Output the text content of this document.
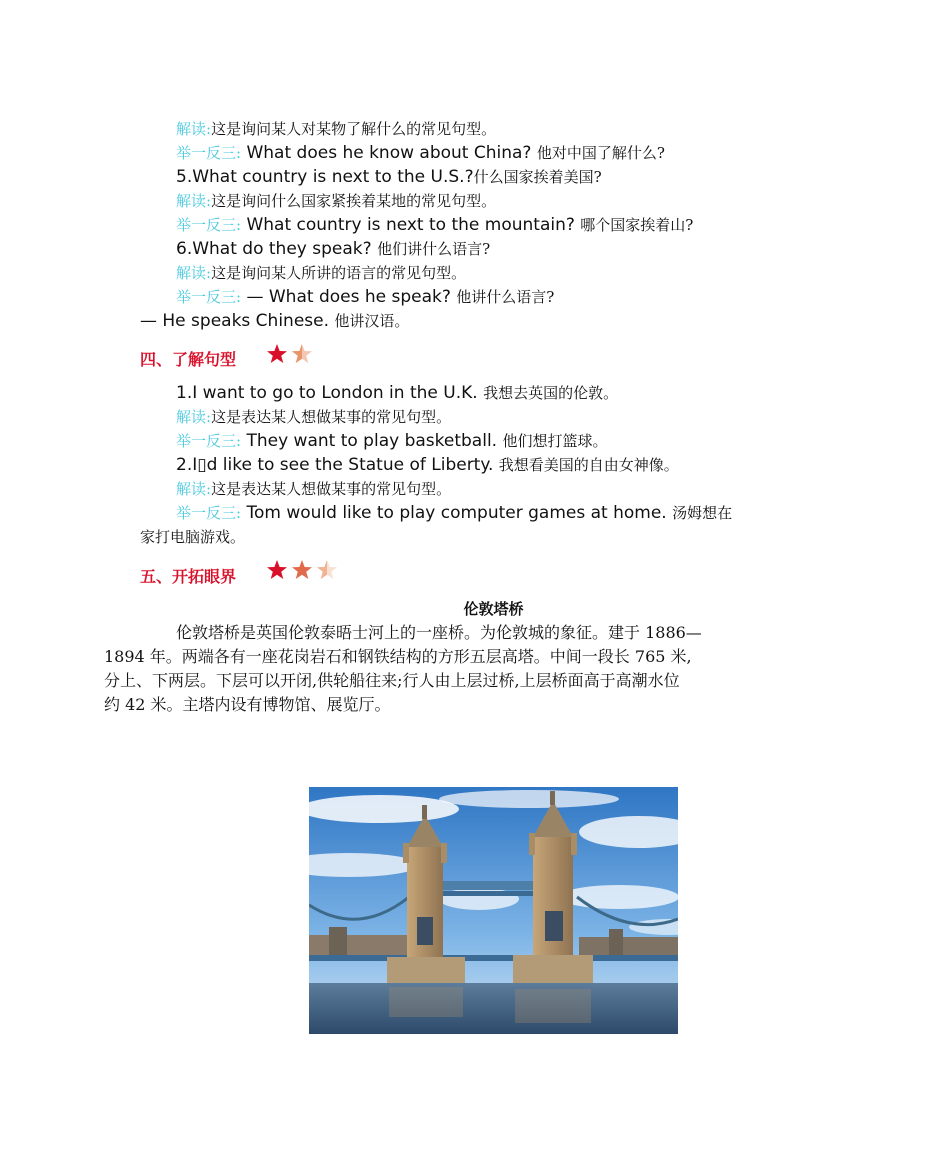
解读:这是询问某人对某物了解什么的常见句型。
举一反三: What does he know about China? 他对中国了解什么?
5.What country is next to the U.S.?什么国家挨着美国?
解读:这是询问什么国家紧挨着某地的常见句型。
举一反三: What country is next to the mountain? 哪个国家挨着山?
6.What do they speak? 他们讲什么语言?
解读:这是询问某人所讲的语言的常见句型。
举一反三: — What does he speak? 他讲什么语言?
— He speaks Chinese. 他讲汉语。
四、了解句型
1.I want to go to London in the U.K. 我想去英国的伦敦。
解读:这是表达某人想做某事的常见句型。
举一反三: They want to play basketball. 他们想打篮球。
2.I▯d like to see the Statue of Liberty. 我想看美国的自由女神像。
解读:这是表达某人想做某事的常见句型。
举一反三: Tom would like to play computer games at home. 汤姆想在
家打电脑游戏。
五、开拓眼界
伦敦塔桥
伦敦塔桥是英国伦敦泰晤士河上的一座桥。为伦敦城的象征。建于 1886—
1894 年。两端各有一座花岗岩石和钢铁结构的方形五层高塔。中间一段长 765 米,
分上、下两层。下层可以开闭,供轮船往来;行人由上层过桥,上层桥面高于高潮水位
约 42 米。主塔内设有博物馆、展览厅。
